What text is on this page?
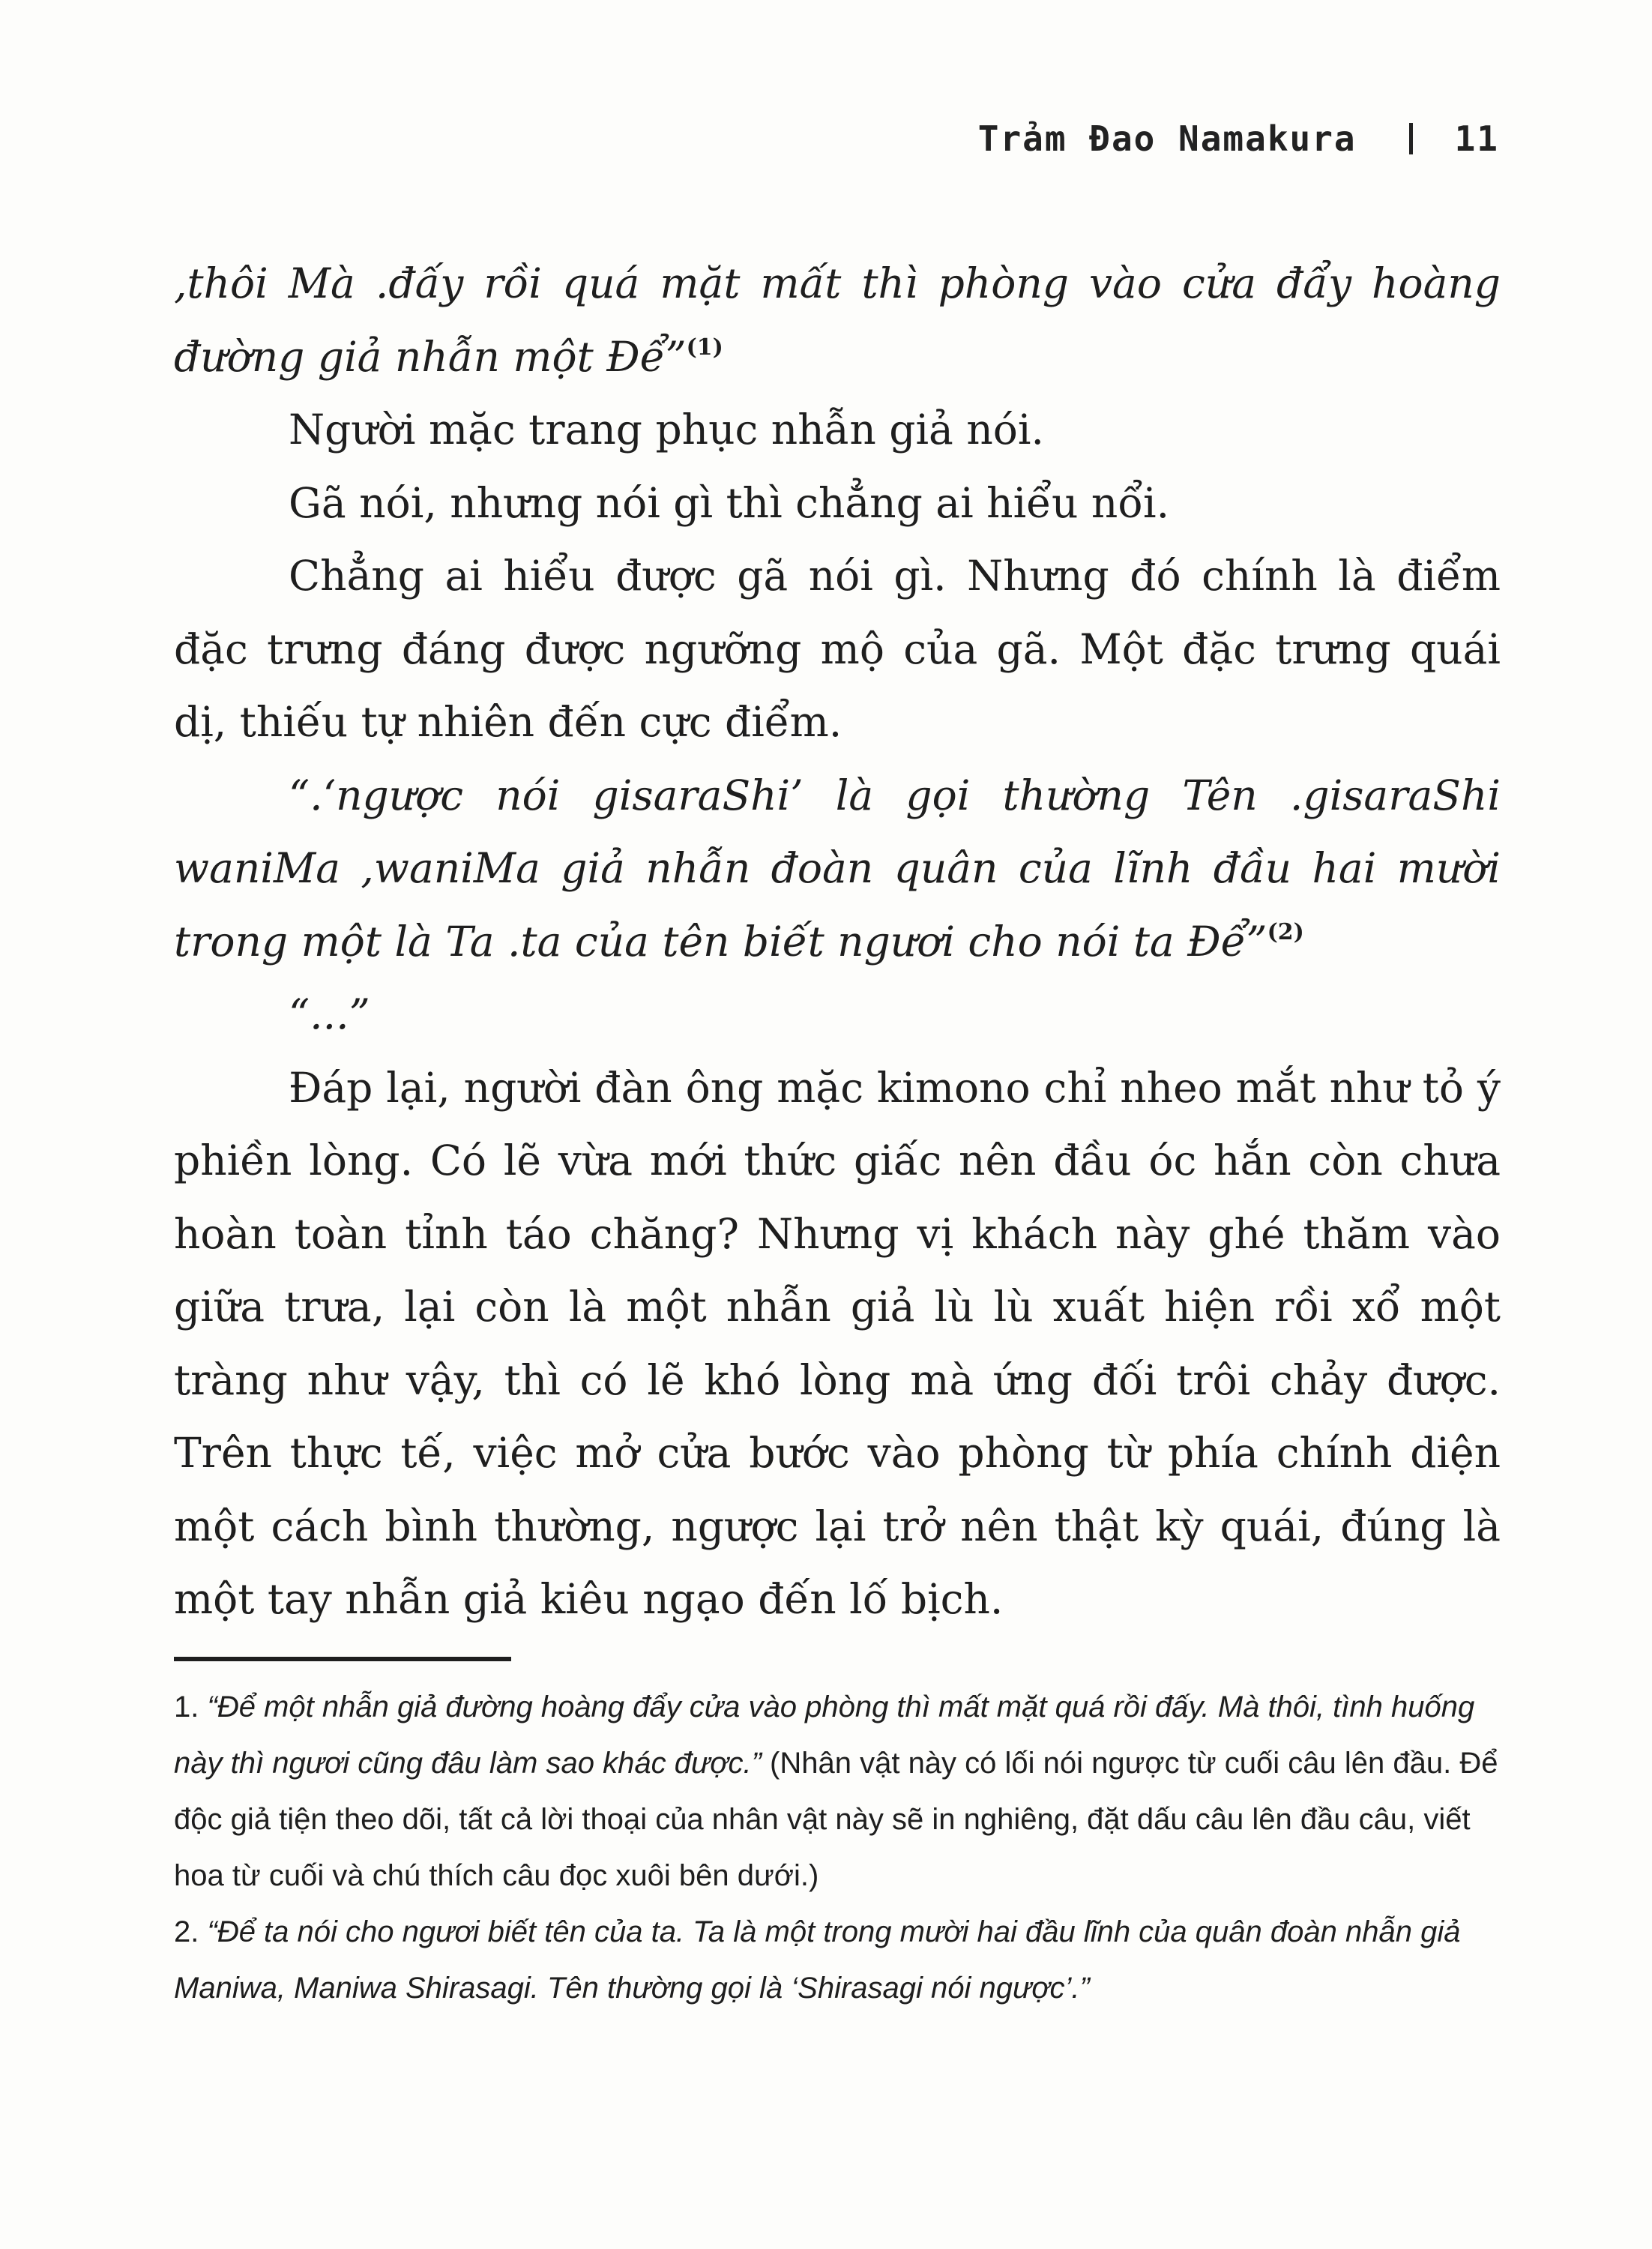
Trảm Đao Namakura	11

,thôi Mà .đấy rồi quá mặt mất thì phòng vào cửa đẩy hoàng đường giả nhẫn một Để”$^{(1)}$

Người mặc trang phục nhẫn giả nói.

Gã nói, nhưng nói gì thì chẳng ai hiểu nổi.

Chẳng ai hiểu được gã nói gì. Nhưng đó chính là điểm đặc trưng đáng được ngưỡng mộ của gã. Một đặc trưng quái dị, thiếu tự nhiên đến cực điểm.

“.‘ngược nói gisaraShi’ là gọi thường Tên .gisaraShi waniMa ,waniMa giả nhẫn đoàn quân của lĩnh đầu hai mười trong một là Ta .ta của tên biết ngươi cho nói ta Để”$^{(2)}$

“...”

Đáp lại, người đàn ông mặc kimono chỉ nheo mắt như tỏ ý phiền lòng. Có lẽ vừa mới thức giấc nên đầu óc hắn còn chưa hoàn toàn tỉnh táo chăng? Nhưng vị khách này ghé thăm vào giữa trưa, lại còn là một nhẫn giả lù lù xuất hiện rồi xổ một tràng như vậy, thì có lẽ khó lòng mà ứng đối trôi chảy được. Trên thực tế, việc mở cửa bước vào phòng từ phía chính diện một cách bình thường, ngược lại trở nên thật kỳ quái, đúng là một tay nhẫn giả kiêu ngạo đến lố bịch.

1. “Để một nhẫn giả đường hoàng đẩy cửa vào phòng thì mất mặt quá rồi đấy. Mà thôi, tình huống này thì ngươi cũng đâu làm sao khác được.” (Nhân vật này có lối nói ngược từ cuối câu lên đầu. Để độc giả tiện theo dõi, tất cả lời thoại của nhân vật này sẽ in nghiêng, đặt dấu câu lên đầu câu, viết hoa từ cuối và chú thích câu đọc xuôi bên dưới.)

2. “Để ta nói cho ngươi biết tên của ta. Ta là một trong mười hai đầu lĩnh của quân đoàn nhẫn giả Maniwa, Maniwa Shirasagi. Tên thường gọi là ‘Shirasagi nói ngược’.”
